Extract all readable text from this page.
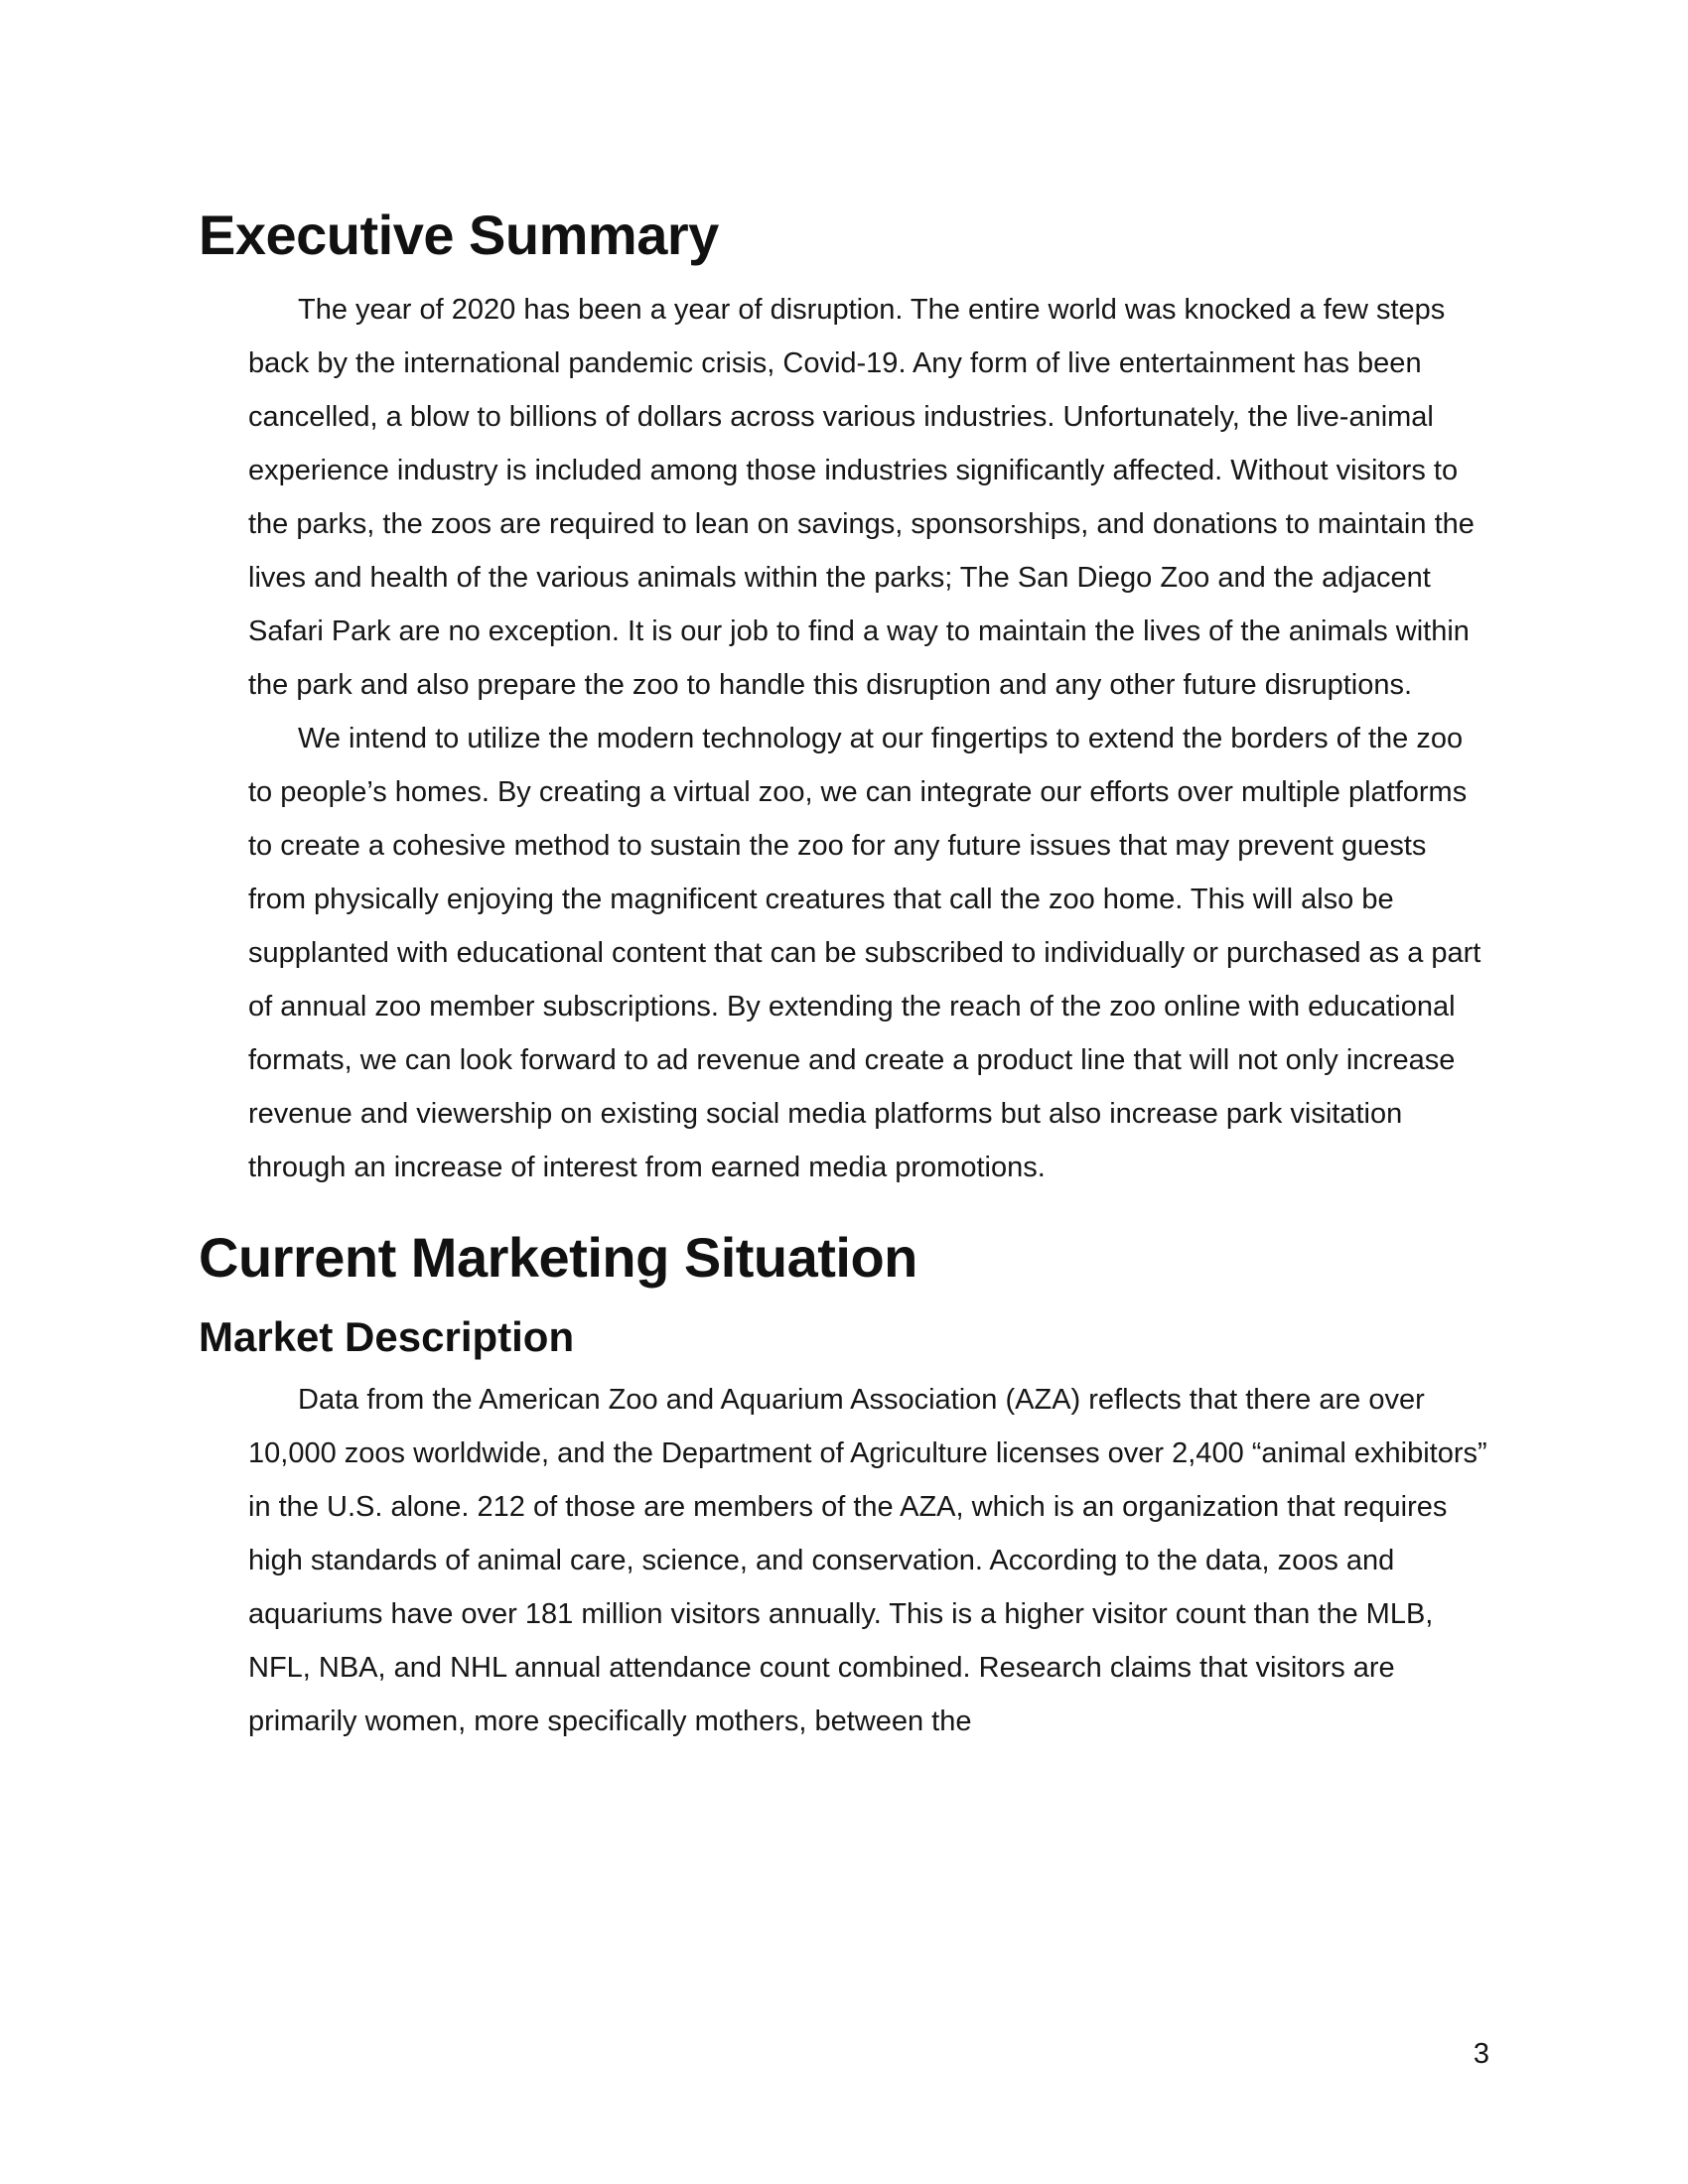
Executive Summary

The year of 2020 has been a year of disruption. The entire world was knocked a few steps back by the international pandemic crisis, Covid-19. Any form of live entertainment has been cancelled, a blow to billions of dollars across various industries. Unfortunately, the live-animal experience industry is included among those industries significantly affected. Without visitors to the parks, the zoos are required to lean on savings, sponsorships, and donations to maintain the lives and health of the various animals within the parks; The San Diego Zoo and the adjacent Safari Park are no exception. It is our job to find a way to maintain the lives of the animals within the park and also prepare the zoo to handle this disruption and any other future disruptions.

We intend to utilize the modern technology at our fingertips to extend the borders of the zoo to people’s homes. By creating a virtual zoo, we can integrate our efforts over multiple platforms to create a cohesive method to sustain the zoo for any future issues that may prevent guests from physically enjoying the magnificent creatures that call the zoo home. This will also be supplanted with educational content that can be subscribed to individually or purchased as a part of annual zoo member subscriptions. By extending the reach of the zoo online with educational formats, we can look forward to ad revenue and create a product line that will not only increase revenue and viewership on existing social media platforms but also increase park visitation through an increase of interest from earned media promotions.

Current Marketing Situation
Market Description

Data from the American Zoo and Aquarium Association (AZA) reflects that there are over 10,000 zoos worldwide, and the Department of Agriculture licenses over 2,400 “animal exhibitors” in the U.S. alone. 212 of those are members of the AZA, which is an organization that requires high standards of animal care, science, and conservation. According to the data, zoos and aquariums have over 181 million visitors annually. This is a higher visitor count than the MLB, NFL, NBA, and NHL annual attendance count combined. Research claims that visitors are primarily women, more specifically mothers, between the

3
